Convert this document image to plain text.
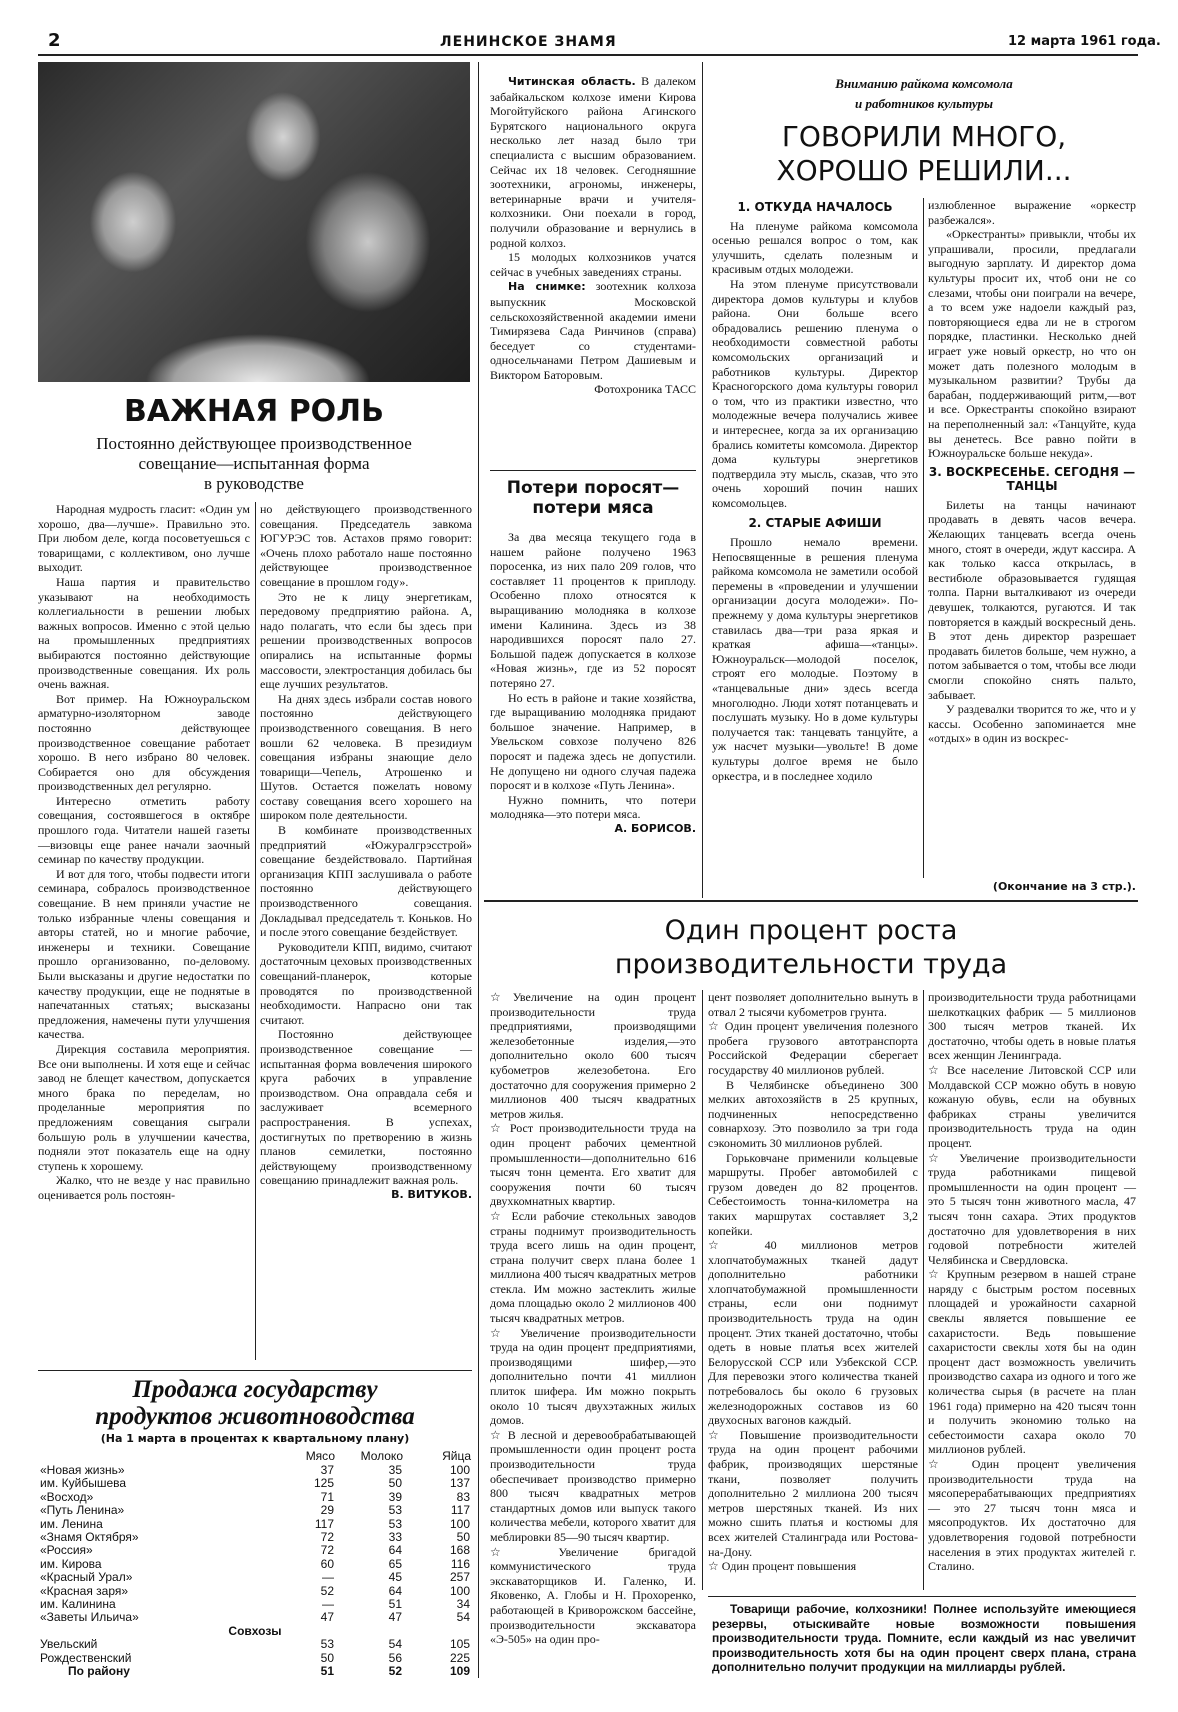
2	ЛЕНИНСКОЕ ЗНАМЯ	12 марта 1961 года.
ВАЖНАЯ РОЛЬ
Постоянно действующее производственное
совещание—испытанная форма
в руководстве

Народная мудрость гласит: «Один ум хорошо, два—лучше». Правильно это. При любом деле, когда посоветуешься с товарищами, с коллективом, оно лучше выходит.

Наша партия и правительство указывают на необходимость коллегиальности в решении любых важных вопросов. Именно с этой целью на промышленных предприятиях выбираются постоянно действующие производственные совещания. Их роль очень важная.

Вот пример. На Южноуральском арматурно-изоляторном заводе постоянно действующее производственное совещание работает хорошо. В него избрано 80 человек. Собирается оно для обсуждения производственных дел регулярно.

Интересно отметить работу совещания, состоявшегося в октябре прошлого года. Читатели нашей газеты—визовцы еще ранее начали заочный семинар по качеству продукции.

И вот для того, чтобы подвести итоги семинара, собралось производственное совещание. В нем приняли участие не только избранные члены совещания и авторы статей, но и многие рабочие, инженеры и техники. Совещание прошло организованно, по-деловому. Были высказаны и другие недостатки по качеству продукции, еще не поднятые в напечатанных статьях; высказаны предложения, намечены пути улучшения качества.

Дирекция составила мероприятия. Все они выполнены. И хотя еще и сейчас завод не блещет качеством, допускается много брака по переделам, но проделанные мероприятия по предложениям совещания сыграли большую роль в улучшении качества, подняли этот показатель еще на одну ступень к хорошему.

Жалко, что не везде у нас правильно оценивается роль постоян-

но действующего производственного совещания. Председатель завкома ЮГУРЭС тов. Астахов прямо говорит: «Очень плохо работало наше постоянно действующее производственное совещание в прошлом году».

Это не к лицу энергетикам, передовому предприятию района. А, надо полагать, что если бы здесь при решении производственных вопросов опирались на испытанные формы массовости, электростанция добилась бы еще лучших результатов.

На днях здесь избрали состав нового постоянно действующего производственного совещания. В него вошли 62 человека. В президиум совещания избраны знающие дело товарищи—Чепель, Атрошенко и Шутов. Остается пожелать новому составу совещания всего хорошего на широком поле деятельности.

В комбинате производственных предприятий «Южуралгрэсстрой» совещание бездействовало. Партийная организация КПП заслушивала о работе постоянно действующего производственного совещания. Докладывал председатель т. Коньков. Но и после этого совещание бездействует.

Руководители КПП, видимо, считают достаточным цеховых производственных совещаний-планерок, которые проводятся по производственной необходимости. Напрасно они так считают.

Постоянно действующее производственное совещание — испытанная форма вовлечения широкого круга рабочих в управление производством. Она оправдала себя и заслуживает всемерного распространения. В успехах, достигнутых по претворению в жизнь планов семилетки, постоянно действующему производственному совещанию принадлежит важная роль.

В. ВИТУКОВ.

Продажа государству
продуктов животноводства
(На 1 марта в процентах к квартальному плану)
	Мясо	Молоко	Яйца
«Новая жизнь»	37	35	100
им. Куйбышева	125	50	137
«Восход»	71	39	83
«Путь Ленина»	29	53	117
им. Ленина	117	53	100
«Знамя Октября»	72	33	50
«Россия»	72	64	168
им. Кирова	60	65	116
«Красный Урал»	—	45	257
«Красная заря»	52	64	100
им. Калинина	—	51	34
«Заветы Ильича»	47	47	54
Совхозы			
Увельский	53	54	105
Рождественский	50	56	225
По району	51	52	109

Читинская область. В далеком забайкальском колхозе имени Кирова Могойтуйского района Агинского Бурятского национального округа несколько лет назад было три специалиста с высшим образованием. Сейчас их 18 человек. Сегодняшние зоотехники, агрономы, инженеры, ветеринарные врачи и учителя-колхозники. Они поехали в город, получили образование и вернулись в родной колхоз.

15 молодых колхозников учатся сейчас в учебных заведениях страны.

На снимке: зоотехник колхоза выпускник Московской сельскохозяйственной академии имени Тимирязева Сада Ринчинов (справа) беседует со студентами-односельчанами Петром Дашиевым и Виктором Баторовым.

Фотохроника ТАСС

Потери поросят—
потери мяса

За два месяца текущего года в нашем районе получено 1963 поросенка, из них пало 209 голов, что составляет 11 процентов к приплоду. Особенно плохо относятся к выращиванию молодняка в колхозе имени Калинина. Здесь из 38 народившихся поросят пало 27. Большой падеж допускается в колхозе «Новая жизнь», где из 52 поросят потеряно 27.

Но есть в районе и такие хозяйства, где выращиванию молодняка придают большое значение. Например, в Увельском совхозе получено 826 поросят и падежа здесь не допустили. Не допущено ни одного случая падежа поросят и в колхозе «Путь Ленина».

Нужно помнить, что потери молодняка—это потери мяса.

А. БОРИСОВ.

Вниманию райкома комсомола
и работников культуры
ГОВОРИЛИ МНОГО,
ХОРОШО РЕШИЛИ...
1. ОТКУДА НАЧАЛОСЬ

На пленуме райкома комсомола осенью решался вопрос о том, как улучшить, сделать полезным и красивым отдых молодежи.

На этом пленуме присутствовали директора домов культуры и клубов района. Они больше всего обрадовались решению пленума о необходимости совместной работы комсомольских организаций и работников культуры. Директор Красногорского дома культуры говорил о том, что из практики известно, что молодежные вечера получались живее и интереснее, когда за их организацию брались комитеты комсомола. Директор дома культуры энергетиков подтвердила эту мысль, сказав, что это очень хороший почин наших комсомольцев.

2. СТАРЫЕ АФИШИ

Прошло немало времени. Непосвященные в решения пленума райкома комсомола не заметили особой перемены в «проведении и улучшении организации досуга молодежи». По-прежнему у дома культуры энергетиков ставилась два—три раза яркая и краткая афиша—«танцы». Южноуральск—молодой поселок, строят его молодые. Поэтому в «танцевальные дни» здесь всегда многолюдно. Люди хотят потанцевать и послушать музыку. Но в доме культуры получается так: танцевать танцуйте, а уж насчет музыки—увольте! В доме культуры долгое время не было оркестра, и в последнее ходило

излюбленное выражение «оркестр разбежался».

«Оркестранты» привыкли, чтобы их упрашивали, просили, предлагали выгодную зарплату. И директор дома культуры просит их, чтоб они не со слезами, чтобы они поиграли на вечере, а то всем уже надоели каждый раз, повторяющиеся едва ли не в строгом порядке, пластинки. Несколько дней играет уже новый оркестр, но что он может дать полезного молодым в музыкальном развитии? Трубы да барабан, поддерживающий ритм,—вот и все. Оркестранты спокойно взирают на переполненный зал: «Танцуйте, куда вы денетесь. Все равно пойти в Южноуральске больше некуда».

3. ВОСКРЕСЕНЬЕ. СЕГОДНЯ — ТАНЦЫ

Билеты на танцы начинают продавать в девять часов вечера. Желающих танцевать всегда очень много, стоят в очереди, ждут кассира. А как только касса открылась, в вестибюле образовывается гудящая толпа. Парни выталкивают из очереди девушек, толкаются, ругаются. И так повторяется в каждый воскресный день. В этот день директор разрешает продавать билетов больше, чем нужно, а потом забывается о том, чтобы все люди смогли спокойно снять пальто, забывает.

У раздевалки творится то же, что и у кассы. Особенно запоминается мне «отдых» в один из воскрес-

(Окончание на 3 стр.).
Один процент роста
производительности труда

☆Увеличение на один процент производительности труда предприятиями, производящими железобетонные изделия,—это дополнительно около 600 тысяч кубометров железобетона. Его достаточно для сооружения примерно 2 миллионов 400 тысяч квадратных метров жилья.

☆ Рост производительности труда на один процент рабочих цементной промышленности—дополнительно 616 тысяч тонн цемента. Его хватит для сооружения почти 60 тысяч двухкомнатных квартир.

☆ Если рабочие стекольных заводов страны поднимут производительность труда всего лишь на один процент, страна получит сверх плана более 1 миллиона 400 тысяч квадратных метров стекла. Им можно застеклить жилые дома площадью около 2 миллионов 400 тысяч квадратных метров.

☆ Увеличение производительности труда на один процент предприятиями, производящими шифер,—это дополнительно почти 41 миллион плиток шифера. Им можно покрыть около 10 тысяч двухэтажных жилых домов.

☆ В лесной и деревообрабатывающей промышленности один процент роста производительности труда обеспечивает производство примерно 800 тысяч квадратных метров стандартных домов или выпуск такого количества мебели, которого хватит для меблировки 85—90 тысяч квартир.

☆ Увеличение бригадой коммунистического труда экскаваторщиков И. Галенко, И. Яковенко, А. Глобы и Н. Прохоренко, работающей в Криворожском бассейне, производительности экскаватора «Э-505» на один про-

цент позволяет дополнительно вынуть в отвал 2 тысячи кубометров грунта.

☆ Один процент увеличения полезного пробега грузового автотранспорта Российской Федерации сберегает государству 40 миллионов рублей.

В Челябинске объединено 300 мелких автохозяйств в 25 крупных, подчиненных непосредственно совнархозу. Это позволило за три года сэкономить 30 миллионов рублей.

Горьковчане применили кольцевые маршруты. Пробег автомобилей с грузом доведен до 82 процентов. Себестоимость тонна-километра на таких маршрутах составляет 3,2 копейки.

☆ 40 миллионов метров хлопчатобумажных тканей дадут дополнительно работники хлопчатобумажной промышленности страны, если они поднимут производительность труда на один процент. Этих тканей достаточно, чтобы одеть в новые платья всех жителей Белорусской ССР или Узбекской ССР. Для перевозки этого количества тканей потребовалось бы около 6 грузовых железнодорожных составов из 60 двухосных вагонов каждый.

☆ Повышение производительности труда на один процент рабочими фабрик, производящих шерстяные ткани, позволяет получить дополнительно 2 миллиона 200 тысяч метров шерстяных тканей. Из них можно сшить платья и костюмы для всех жителей Сталинграда или Ростова-на-Дону.

☆ Один процент повышения

производительности труда работницами шелкоткацких фабрик — 5 миллионов 300 тысяч метров тканей. Их достаточно, чтобы одеть в новые платья всех женщин Ленинграда.

☆ Все население Литовской ССР или Молдавской ССР можно обуть в новую кожаную обувь, если на обувных фабриках страны увеличится производительность труда на один процент.

☆ Увеличение производительности труда работниками пищевой промышленности на один процент — это 5 тысяч тонн животного масла, 47 тысяч тонн сахара. Этих продуктов достаточно для удовлетворения в них годовой потребности жителей Челябинска и Свердловска.

☆ Крупным резервом в нашей стране наряду с быстрым ростом посевных площадей и урожайности сахарной свеклы является повышение ее сахаристости. Ведь повышение сахаристости свеклы хотя бы на один процент даст возможность увеличить производство сахара из одного и того же количества сырья (в расчете на план 1961 года) примерно на 420 тысяч тонн и получить экономию только на себестоимости сахара около 70 миллионов рублей.

☆ Один процент увеличения производительности труда на мясоперерабатывающих предприятиях — это 27 тысяч тонн мяса и мясопродуктов. Их достаточно для удовлетворения годовой потребности населения в этих продуктах жителей г. Сталино.

Товарищи рабочие, колхозники! Полнее используйте имеющиеся резервы, отыскивайте новые возможности повышения производительности труда. Помните, если каждый из нас увеличит производительность хотя бы на один процент сверх плана, страна дополнительно получит продукции на миллиарды рублей.
